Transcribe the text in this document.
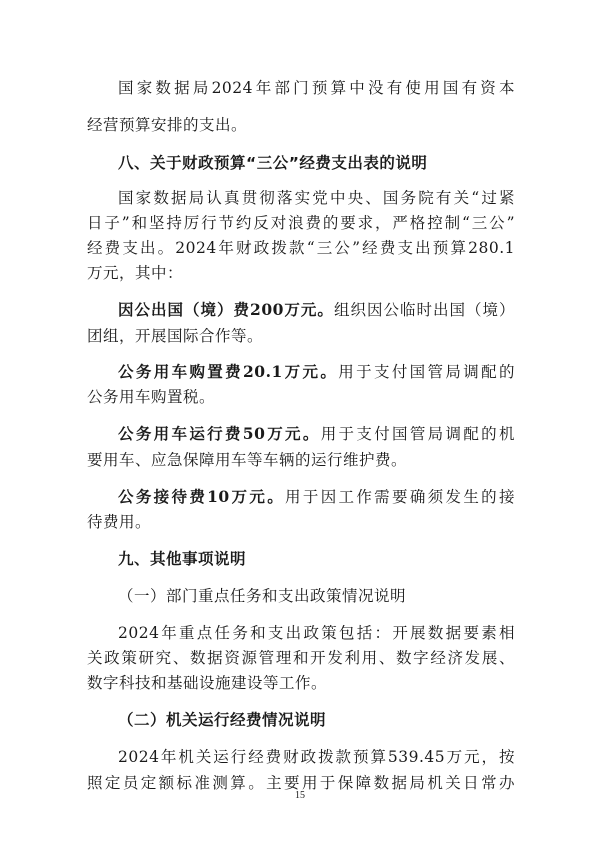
国家数据局2024年部门预算中没有使用国有资本
经营预算安排的支出。
八、关于财政预算“三公”经费支出表的说明
国家数据局认真贯彻落实党中央、国务院有关“过紧
日子”和坚持厉行节约反对浪费的要求，严格控制“三公”
经费支出。2024年财政拨款“三公”经费支出预算280.1
万元，其中：
因公出国（境）费200万元。组织因公临时出国（境）
团组，开展国际合作等。
公务用车购置费20.1万元。用于支付国管局调配的
公务用车购置税。
公务用车运行费50万元。用于支付国管局调配的机
要用车、应急保障用车等车辆的运行维护费。
公务接待费10万元。用于因工作需要确须发生的接
待费用。
九、其他事项说明
（一）部门重点任务和支出政策情况说明
2024年重点任务和支出政策包括：开展数据要素相
关政策研究、数据资源管理和开发利用、数字经济发展、
数字科技和基础设施建设等工作。
（二）机关运行经费情况说明
2024年机关运行经费财政拨款预算539.45万元，按
照定员定额标准测算。主要用于保障数据局机关日常办
15
